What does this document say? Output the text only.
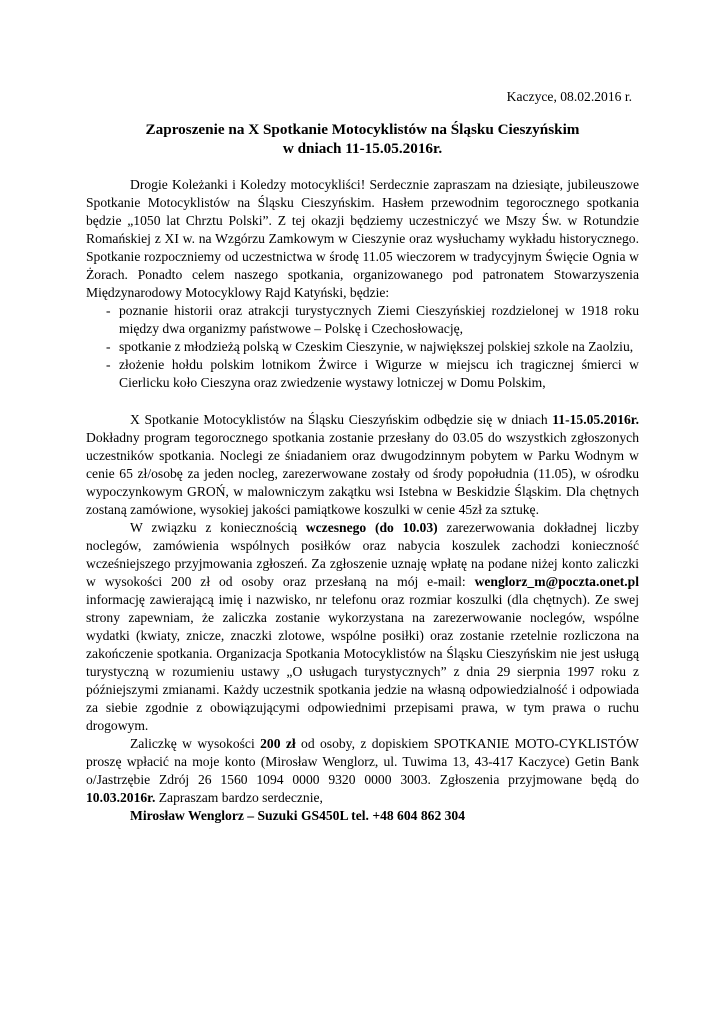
Kaczyce, 08.02.2016 r.
Zaproszenie na X Spotkanie Motocyklistów na Śląsku Cieszyńskim
w dniach 11-15.05.2016r.

Drogie Koleżanki i Koledzy motocykliści! Serdecznie zapraszam na dziesiąte, jubileuszowe Spotkanie Motocyklistów na Śląsku Cieszyńskim. Hasłem przewodnim tegorocznego spotkania będzie „1050 lat Chrztu Polski”. Z tej okazji będziemy uczestniczyć we Mszy Św. w Rotundzie Romańskiej z XI w. na Wzgórzu Zamkowym w Cieszynie oraz wysłuchamy wykładu historycznego. Spotkanie rozpoczniemy od uczestnictwa w środę 11.05 wieczorem w tradycyjnym Święcie Ognia w Żorach. Ponadto celem naszego spotkania, organizowanego pod patronatem Stowarzyszenia Międzynarodowy Motocyklowy Rajd Katyński, będzie:

- poznanie historii oraz atrakcji turystycznych Ziemi Cieszyńskiej rozdzielonej w 1918 roku między dwa organizmy państwowe – Polskę i Czechosłowację,
- spotkanie z młodzieżą polską w Czeskim Cieszynie, w największej polskiej szkole na Zaolziu,
- złożenie hołdu polskim lotnikom Żwirce i Wigurze w miejscu ich tragicznej śmierci w Cierlicku koło Cieszyna oraz zwiedzenie wystawy lotniczej w Domu Polskim,

X Spotkanie Motocyklistów na Śląsku Cieszyńskim odbędzie się w dniach 11-15.05.2016r. Dokładny program tegorocznego spotkania zostanie przesłany do 03.05 do wszystkich zgłoszonych uczestników spotkania. Noclegi ze śniadaniem oraz dwugodzinnym pobytem w Parku Wodnym w cenie 65 zł/osobę za jeden nocleg, zarezerwowane zostały od środy popołudnia (11.05), w ośrodku wypoczynkowym GROŃ, w malowniczym zakątku wsi Istebna w Beskidzie Śląskim. Dla chętnych zostaną zamówione, wysokiej jakości pamiątkowe koszulki w cenie 45zł za sztukę.

W związku z koniecznością wczesnego (do 10.03) zarezerwowania dokładnej liczby noclegów, zamówienia wspólnych posiłków oraz nabycia koszulek zachodzi konieczność wcześniejszego przyjmowania zgłoszeń. Za zgłoszenie uznaję wpłatę na podane niżej konto zaliczki w wysokości 200 zł od osoby oraz przesłaną na mój e-mail: wenglorz_m@poczta.onet.pl informację zawierającą imię i nazwisko, nr telefonu oraz rozmiar koszulki (dla chętnych). Ze swej strony zapewniam, że zaliczka zostanie wykorzystana na zarezerwowanie noclegów, wspólne wydatki (kwiaty, znicze, znaczki zlotowe, wspólne posiłki) oraz zostanie rzetelnie rozliczona na zakończenie spotkania. Organizacja Spotkania Motocyklistów na Śląsku Cieszyńskim nie jest usługą turystyczną w rozumieniu ustawy „O usługach turystycznych” z dnia 29 sierpnia 1997 roku z późniejszymi zmianami. Każdy uczestnik spotkania jedzie na własną odpowiedzialność i odpowiada za siebie zgodnie z obowiązującymi odpowiednimi przepisami prawa, w tym prawa o ruchu drogowym.

Zaliczkę w wysokości 200 zł od osoby, z dopiskiem SPOTKANIE MOTO-CYKLISTÓW proszę wpłacić na moje konto (Mirosław Wenglorz, ul. Tuwima 13, 43-417 Kaczyce) Getin Bank o/Jastrzębie Zdrój 26 1560 1094 0000 9320 0000 3003. Zgłoszenia przyjmowane będą do 10.03.2016r. Zapraszam bardzo serdecznie,

Mirosław Wenglorz – Suzuki GS450L tel. +48 604 862 304
